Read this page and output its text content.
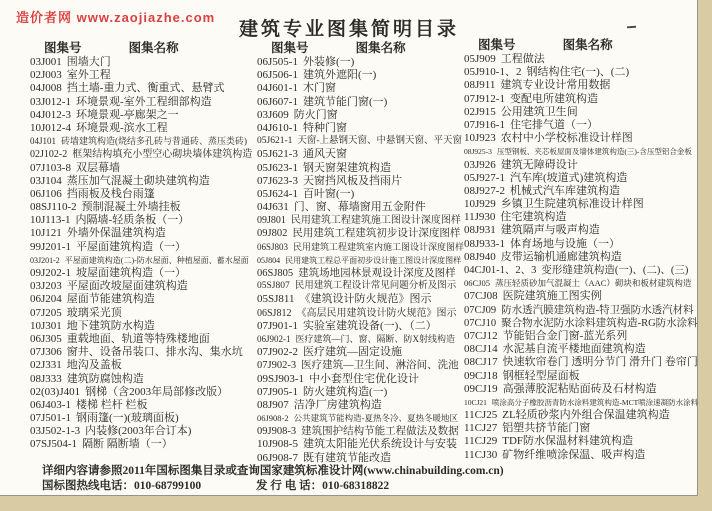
造价者网 www.zaojiazhe.com
建筑专业图集简明目录
图集号	图集名称
03J001 围墙大门
02J003 室外工程
04J008 挡土墙-重力式、衡重式、悬臂式
03J012-1 环境景观-室外工程细部构造
04J012-3 环境景观-亭廊架之一
10J012-4 环境景观-滨水工程
04J101 砖墙建筑构造(烧结多孔砖与普通砖、蒸压类砖)
02J102-2 框架结构填充小型空心砌块墙体建筑构造
07J103-8 双层幕墙
03J104 蒸压加气混凝土砌块建筑构造
06J106 挡雨板及栈台雨篷
08SJ110-2 预制混凝土外墙挂板
10J113-1 内隔墙-轻质条板（一）
10J121 外墙外保温建筑构造
99J201-1 平屋面建筑构造（一）
03J201-2 平屋面建筑构造(二)-防水屋面、种植屋面、蓄水屋面
09J202-1 坡屋面建筑构造（一）
03J203 平屋面改坡屋面建筑构造
06J204 屋面节能建筑构造
07J205 玻璃采光顶
10J301 地下建筑防水构造
06J305 重载地面、轨道等特殊楼地面
07J306 窗井、设备吊装口、排水沟、集水坑
02J331 地沟及盖板
08J333 建筑防腐蚀构造
02(03)J401 钢梯（含2003年局部修改版）
06J403-1 楼梯 栏杆 栏板
07J501-1 钢雨篷(一)(玻璃面板)
03J502-1-3 内装修(2003年合订本)
07SJ504-1 隔断 隔断墙（一）
图集号	图集名称
06J505-1 外装修(一)
06J506-1 建筑外遮阳(一)
04J601-1 木门窗
06J607-1 建筑节能门窗(一)
03J609 防火门窗
04J610-1 特种门窗
05J621-1 天窗-上悬钢天窗、中悬钢天窗、平天窗
05J621-3 通风天窗
05J623-1 钢天窗架建筑构造
07J623-3 天窗挡风板及挡雨片
05J624-1 百叶窗(一)
04J631 门、窗、幕墙窗用五金附件
09J801 民用建筑工程建筑施工图设计深度图样
09J802 民用建筑工程建筑初步设计深度图样
06SJ803 民用建筑工程建筑室内施工图设计深度图样
05J804 民用建筑工程总平面初步设计施工图设计深度图样
06SJ805 建筑场地园林景观设计深度及图样
05SJ807 民用建筑工程设计常见问题分析及图示
05SJ811 《建筑设计防火规范》图示
06SJ812 《高层民用建筑设计防火规范》图示
07J901-1 实验室建筑设备(一)、（二）
06J902-1 医疗建筑—门、窗、隔断、防X射线构造
07J902-2 医疗建筑—固定设施
07J902-3 医疗建筑—卫生间、淋浴间、洗池
09SJ903-1 中小套型住宅优化设计
07J905-1 防火建筑构造(一)
08J907 洁净厂房建筑构造
06J908-2 公共建筑节能构造-夏热冬冷、夏热冬暖地区
09J908-3 建筑围护结构节能工程做法及数据
10J908-5 建筑太阳能光伏系统设计与安装
06J908-7 既有建筑节能改造
图集号	图集名称
05J909 工程做法
05J910-1、2 钢结构住宅(一)、(二)
08J911 建筑专业设计常用数据
07J912-1 变配电所建筑构造
02J915 公用建筑卫生间
07J916-1 住宅排气道（一）
10J923 农村中小学校标准设计样图
08J925-3 压型钢板、夹芯板屋面及墙体建筑构造(三)-含压型铝合金板
03J926 建筑无障碍设计
05J927-1 汽车库(坡道式)建筑构造
08J927-2 机械式汽车库建筑构造
10J929 乡镇卫生院建筑标准设计样图
11J930 住宅建筑构造
08J931 建筑隔声与吸声构造
08J933-1 体育场地与设施（一）
08J940 皮带运输机通廊建筑构造
04CJ01-1、2、3 变形缝建筑构造(一)、(二)、(三)
06CJ05 蒸压轻质砂加气混凝土（AAC）砌块和板材建筑构造
07CJ08 医院建筑施工图实例
07CJ09 防水透汽膜建筑构造-特卫强防水透汽材料
07CJ10 聚合物水泥防水涂料建筑构造-RG防水涂料
07CJ12 节能铝合金门窗-蓝光系列
08CJ14 水泥基自流平楼地面建筑构造
08CJ17 快速软帘卷门 透明分节门 滑升门 卷帘门
09CJ18 钢框轻型屋面板
09CJ19 高强薄胶泥粘贴面砖及石材构造
10CJ21 喷涂高分子橡胶沥青防水涂料建筑构造-MCT喷涂速凝防水涂料
11CJ25 ZL轻质砂浆内外组合保温建筑构造
11CJ27 铝塑共挤节能门窗
11CJ29 TDF防水保温材料建筑构造
11CJ30 矿物纤维喷涂保温、吸声构造
详细内容请参照2011年国标图集目录或查询国家建筑标准设计网(www.chinabuilding.com.cn)
国标图热线电话：010-68799100	发 行 电 话：010-68318822
